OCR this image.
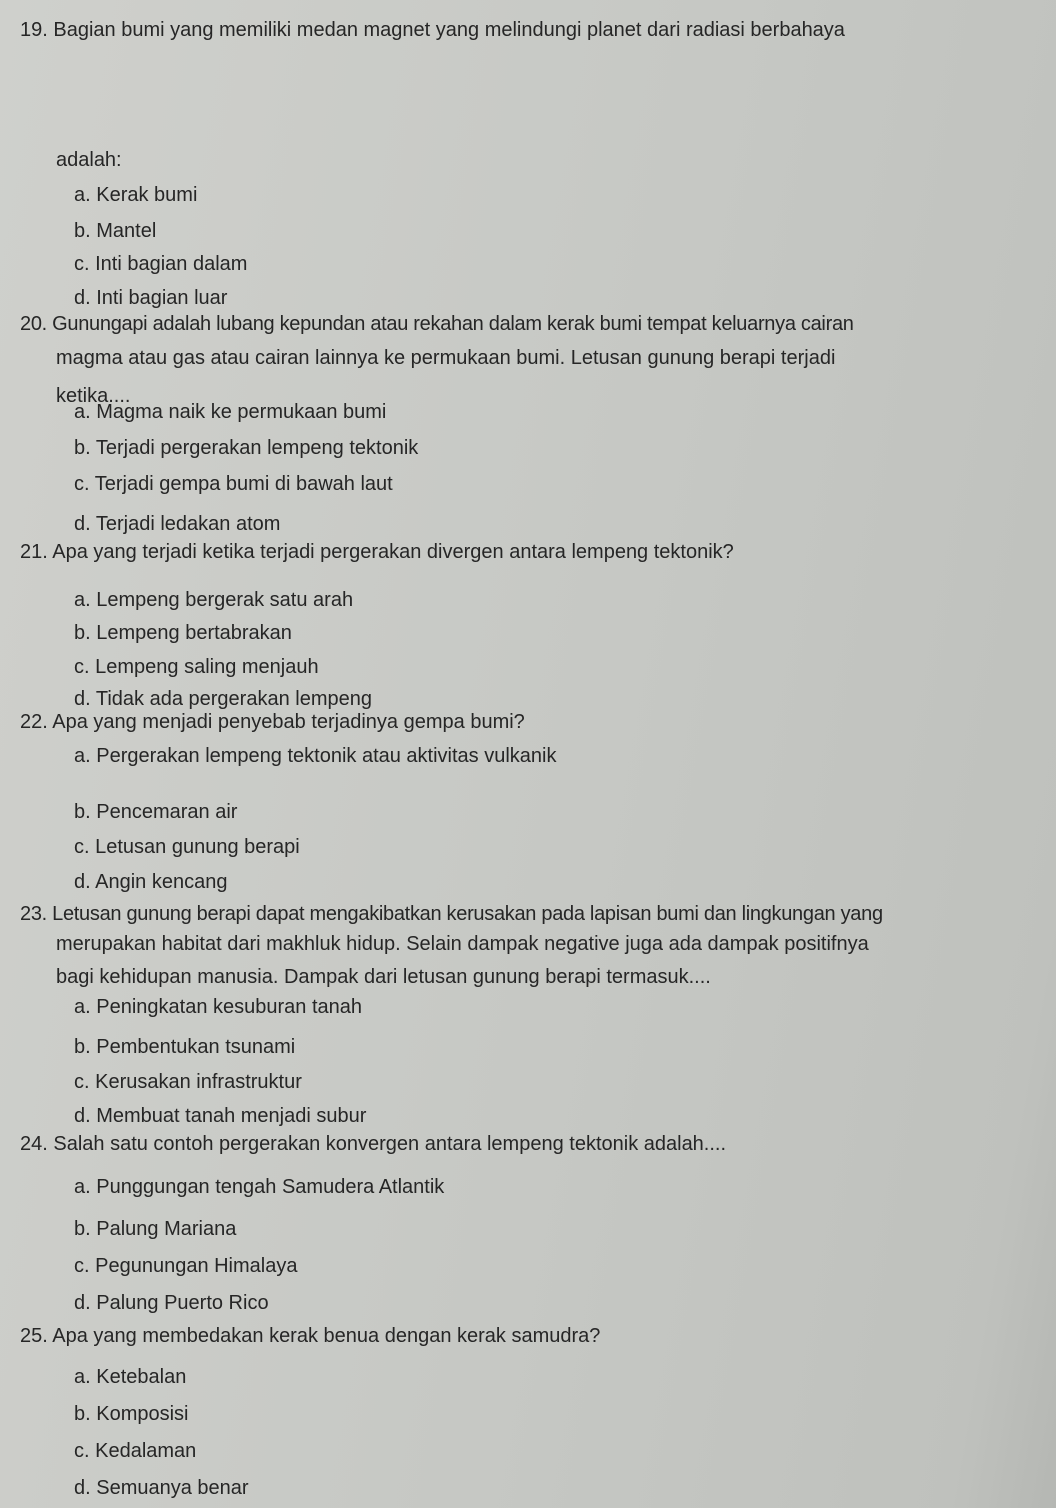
19. Bagian bumi yang memiliki medan magnet yang melindungi planet dari radiasi berbahaya
adalah:
a. Kerak bumi
b. Mantel
c. Inti bagian dalam
d. Inti bagian luar
20. Gunungapi adalah lubang kepundan atau rekahan dalam kerak bumi tempat keluarnya cairan
magma atau gas atau cairan lainnya ke permukaan bumi. Letusan gunung berapi terjadi
ketika....
a. Magma naik ke permukaan bumi
b. Terjadi pergerakan lempeng tektonik
c. Terjadi gempa bumi di bawah laut
d. Terjadi ledakan atom
21. Apa yang terjadi ketika terjadi pergerakan divergen antara lempeng tektonik?
a. Lempeng bergerak satu arah
b. Lempeng bertabrakan
c. Lempeng saling menjauh
d. Tidak ada pergerakan lempeng
22. Apa yang menjadi penyebab terjadinya gempa bumi?
a. Pergerakan lempeng tektonik atau aktivitas vulkanik
b. Pencemaran air
c. Letusan gunung berapi
d. Angin kencang
23. Letusan gunung berapi dapat mengakibatkan kerusakan pada lapisan bumi dan lingkungan yang
merupakan habitat dari makhluk hidup. Selain dampak negative juga ada dampak positifnya
bagi kehidupan manusia. Dampak dari letusan gunung berapi termasuk....
a. Peningkatan kesuburan tanah
b. Pembentukan tsunami
c. Kerusakan infrastruktur
d. Membuat tanah menjadi subur
24. Salah satu contoh pergerakan konvergen antara lempeng tektonik adalah....
a. Punggungan tengah Samudera Atlantik
b. Palung Mariana
c. Pegunungan Himalaya
d. Palung Puerto Rico
25. Apa yang membedakan kerak benua dengan kerak samudra?
a. Ketebalan
b. Komposisi
c. Kedalaman
d. Semuanya benar
